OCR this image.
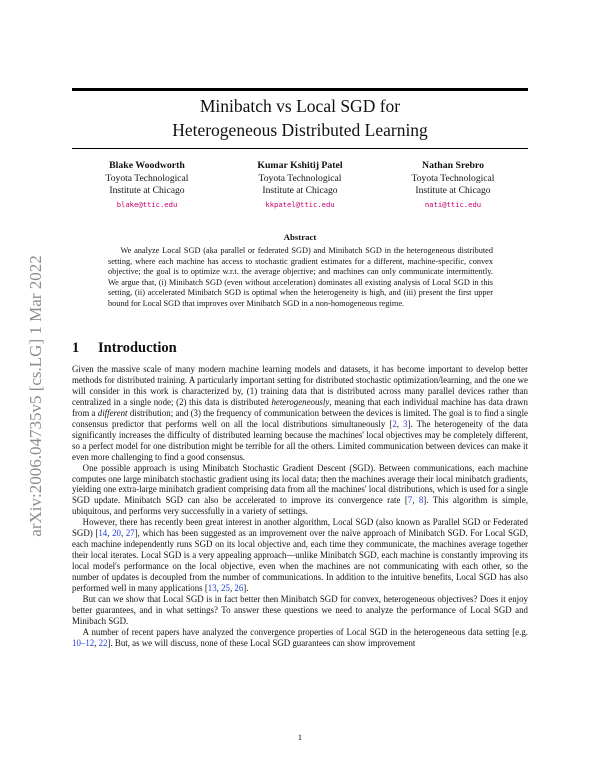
arXiv:2006.04735v5 [cs.LG] 1 Mar 2022
Minibatch vs Local SGD for
Heterogeneous Distributed Learning
Blake Woodworth
Toyota Technological
Institute at Chicago
blake@ttic.edu
Kumar Kshitij Patel
Toyota Technological
Institute at Chicago
kkpatel@ttic.edu
Nathan Srebro
Toyota Technological
Institute at Chicago
nati@ttic.edu
Abstract
We analyze Local SGD (aka parallel or federated SGD) and Minibatch SGD in the heterogeneous distributed setting, where each machine has access to stochastic gradient estimates for a different, machine-specific, convex objective; the goal is to optimize w.r.t. the average objective; and machines can only communicate intermittently. We argue that, (i) Minibatch SGD (even without acceleration) dominates all existing analysis of Local SGD in this setting, (ii) accelerated Minibatch SGD is optimal when the heterogeneity is high, and (iii) present the first upper bound for Local SGD that improves over Minibatch SGD in a non-homogeneous regime.
1 Introduction

Given the massive scale of many modern machine learning models and datasets, it has become important to develop better methods for distributed training. A particularly important setting for distributed stochastic optimization/learning, and the one we will consider in this work is characterized by, (1) training data that is distributed across many parallel devices rather than centralized in a single node; (2) this data is distributed heterogeneously, meaning that each individual machine has data drawn from a different distribution; and (3) the frequency of communication between the devices is limited. The goal is to find a single consensus predictor that performs well on all the local distributions simultaneously [2, 3]. The heterogeneity of the data significantly increases the difficulty of distributed learning because the machines' local objectives may be completely different, so a perfect model for one distribution might be terrible for all the others. Limited communication between devices can make it even more challenging to find a good consensus.

One possible approach is using Minibatch Stochastic Gradient Descent (SGD). Between communications, each machine computes one large minibatch stochastic gradient using its local data; then the machines average their local minibatch gradients, yielding one extra-large minibatch gradient comprising data from all the machines' local distributions, which is used for a single SGD update. Minibatch SGD can also be accelerated to improve its convergence rate [7, 8]. This algorithm is simple, ubiquitous, and performs very successfully in a variety of settings.

However, there has recently been great interest in another algorithm, Local SGD (also known as Parallel SGD or Federated SGD) [14, 20, 27], which has been suggested as an improvement over the naïve approach of Minibatch SGD. For Local SGD, each machine independently runs SGD on its local objective and, each time they communicate, the machines average together their local iterates. Local SGD is a very appealing approach—unlike Minibatch SGD, each machine is constantly improving its local model's performance on the local objective, even when the machines are not communicating with each other, so the number of updates is decoupled from the number of communications. In addition to the intuitive benefits, Local SGD has also performed well in many applications [13, 25, 26].

But can we show that Local SGD is in fact better then Minibatch SGD for convex, heterogeneous objectives? Does it enjoy better guarantees, and in what settings? To answer these questions we need to analyze the performance of Local SGD and Minibach SGD.

A number of recent papers have analyzed the convergence properties of Local SGD in the heterogeneous data setting [e.g. 10–12, 22]. But, as we will discuss, none of these Local SGD guarantees can show improvement

1
